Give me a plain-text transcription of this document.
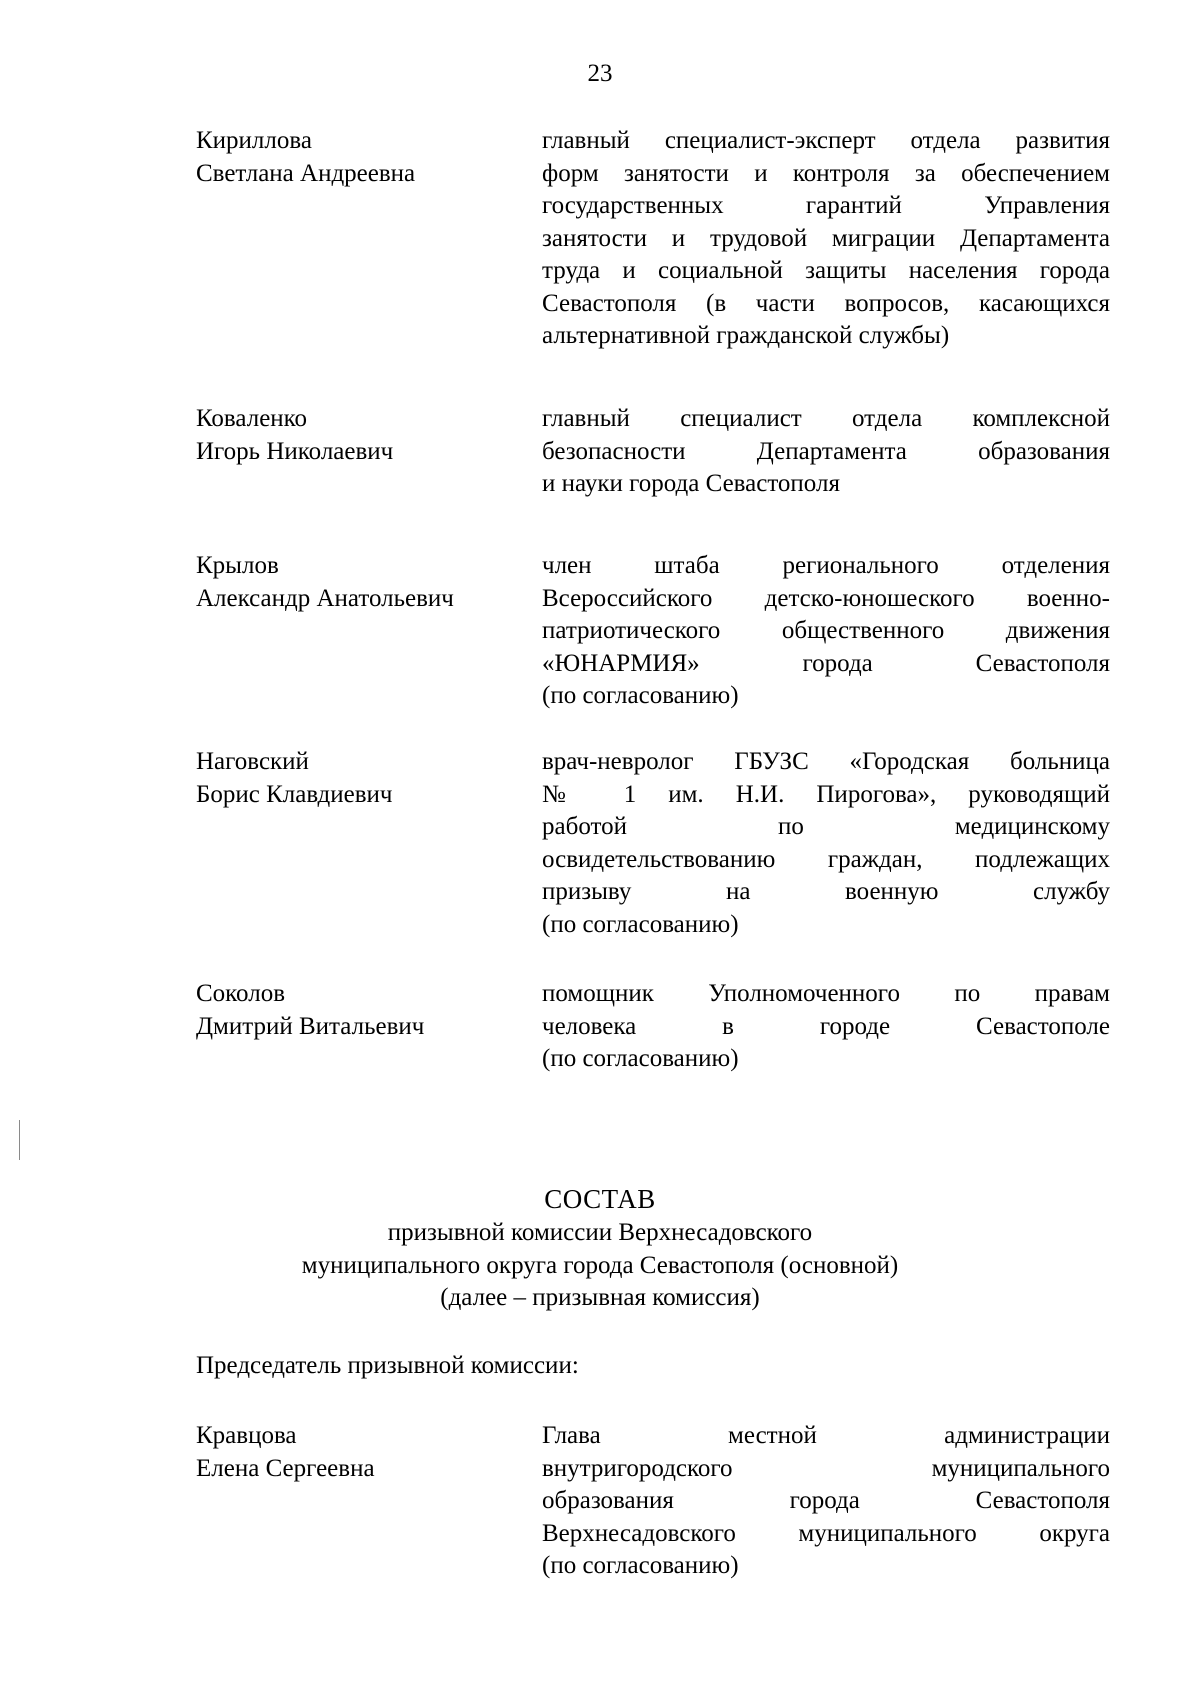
23
Кириллова
Светлана Андреевна
главный специалист-эксперт отдела развития
форм занятости и контроля за обеспечением
государственных гарантий Управления
занятости и трудовой миграции Департамента
труда и социальной защиты населения города
Севастополя (в части вопросов, касающихся
альтернативной гражданской службы)
Коваленко
Игорь Николаевич
главный специалист отдела комплексной
безопасности Департамента образования
и науки города Севастополя
Крылов
Александр Анатольевич
член штаба регионального отделения
Всероссийского детско-юношеского военно-
патриотического общественного движения
«ЮНАРМИЯ» города Севастополя
(по согласованию)
Наговский
Борис Клавдиевич
врач-невролог ГБУЗС «Городская больница
№ 1 им. Н.И. Пирогова», руководящий
работой по медицинскому
освидетельствованию граждан, подлежащих
призыву на военную службу
(по согласованию)
Соколов
Дмитрий Витальевич
помощник Уполномоченного по правам
человека в городе Севастополе
(по согласованию)
СОСТАВ
призывной комиссии Верхнесадовского
муниципального округа города Севастополя (основной)
(далее – призывная комиссия)
Председатель призывной комиссии:
Кравцова
Елена Сергеевна
Глава местной администрации
внутригородского муниципального
образования города Севастополя
Верхнесадовского муниципального округа
(по согласованию)
